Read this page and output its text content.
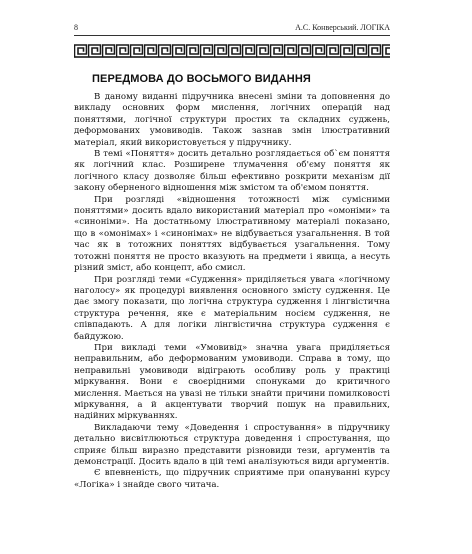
8	А.С. Конверський. ЛОГІКА
ПЕРЕДМОВА ДО ВОСЬМОГО ВИДАННЯ

В даному виданні підручника внесені зміни та доповнення до викладу основних форм мислення, логічних операцій над поняттями, логічної структури простих та складних суджень, деформованих умовиводів. Також зазнав змін ілюстративний матеріал, який використовується у підручнику.

В темі «Поняття» досить детально розглядається об`єм поняття як логічний клас. Розширене тлумачення об'єму поняття як логічного класу дозволяє більш ефективно розкрити механізм дії закону оберненого відношення між змістом та об'ємом поняття.

При розгляді «відношення тотожності між сумісними поняттями» досить вдало використаний матеріал про «омоніми» та «синоніми». На достатньому ілюстративному матеріалі показано, що в «омонімах» і «синонімах» не відбувається узагальнення. В той час як в тотожних поняттях відбувається узагальнення. Тому тотожні поняття не просто вказують на предмети і явища, а несуть різний зміст, або концепт, або смисл.

При розгляді теми «Судження» приділяється увага «логічному наголосу» як процедурі виявлення основного змісту судження. Це дає змогу показати, що логічна структура судження і лінгвістична структура речення, яке є матеріальним носієм судження, не співпадають. А для логіки лінгвістична структура судження є байдужою.

При викладі теми «Умовивід» значна увага приділяється неправильним, або деформованим умовиводи. Справа в тому, що неправильні умовиводи відіграють особливу роль у практиці міркування. Вони є своєрідними спонуками до критичного мислення. Мається на увазі не тільки знайти причини помилковості міркування, а й акцентувати творчий пошук на правильних, надійних міркуваннях.

Викладаючи тему «Доведення і спростування» в підручнику детально висвітлюються структура доведення і спростування, що сприяє більш виразно представити різновиди тези, аргументів та демонстрації. Досить вдало в цій темі аналізуються види аргументів.

Є впевненість, що підручник сприятиме при опануванні курсу «Логіка» і знайде свого читача.
